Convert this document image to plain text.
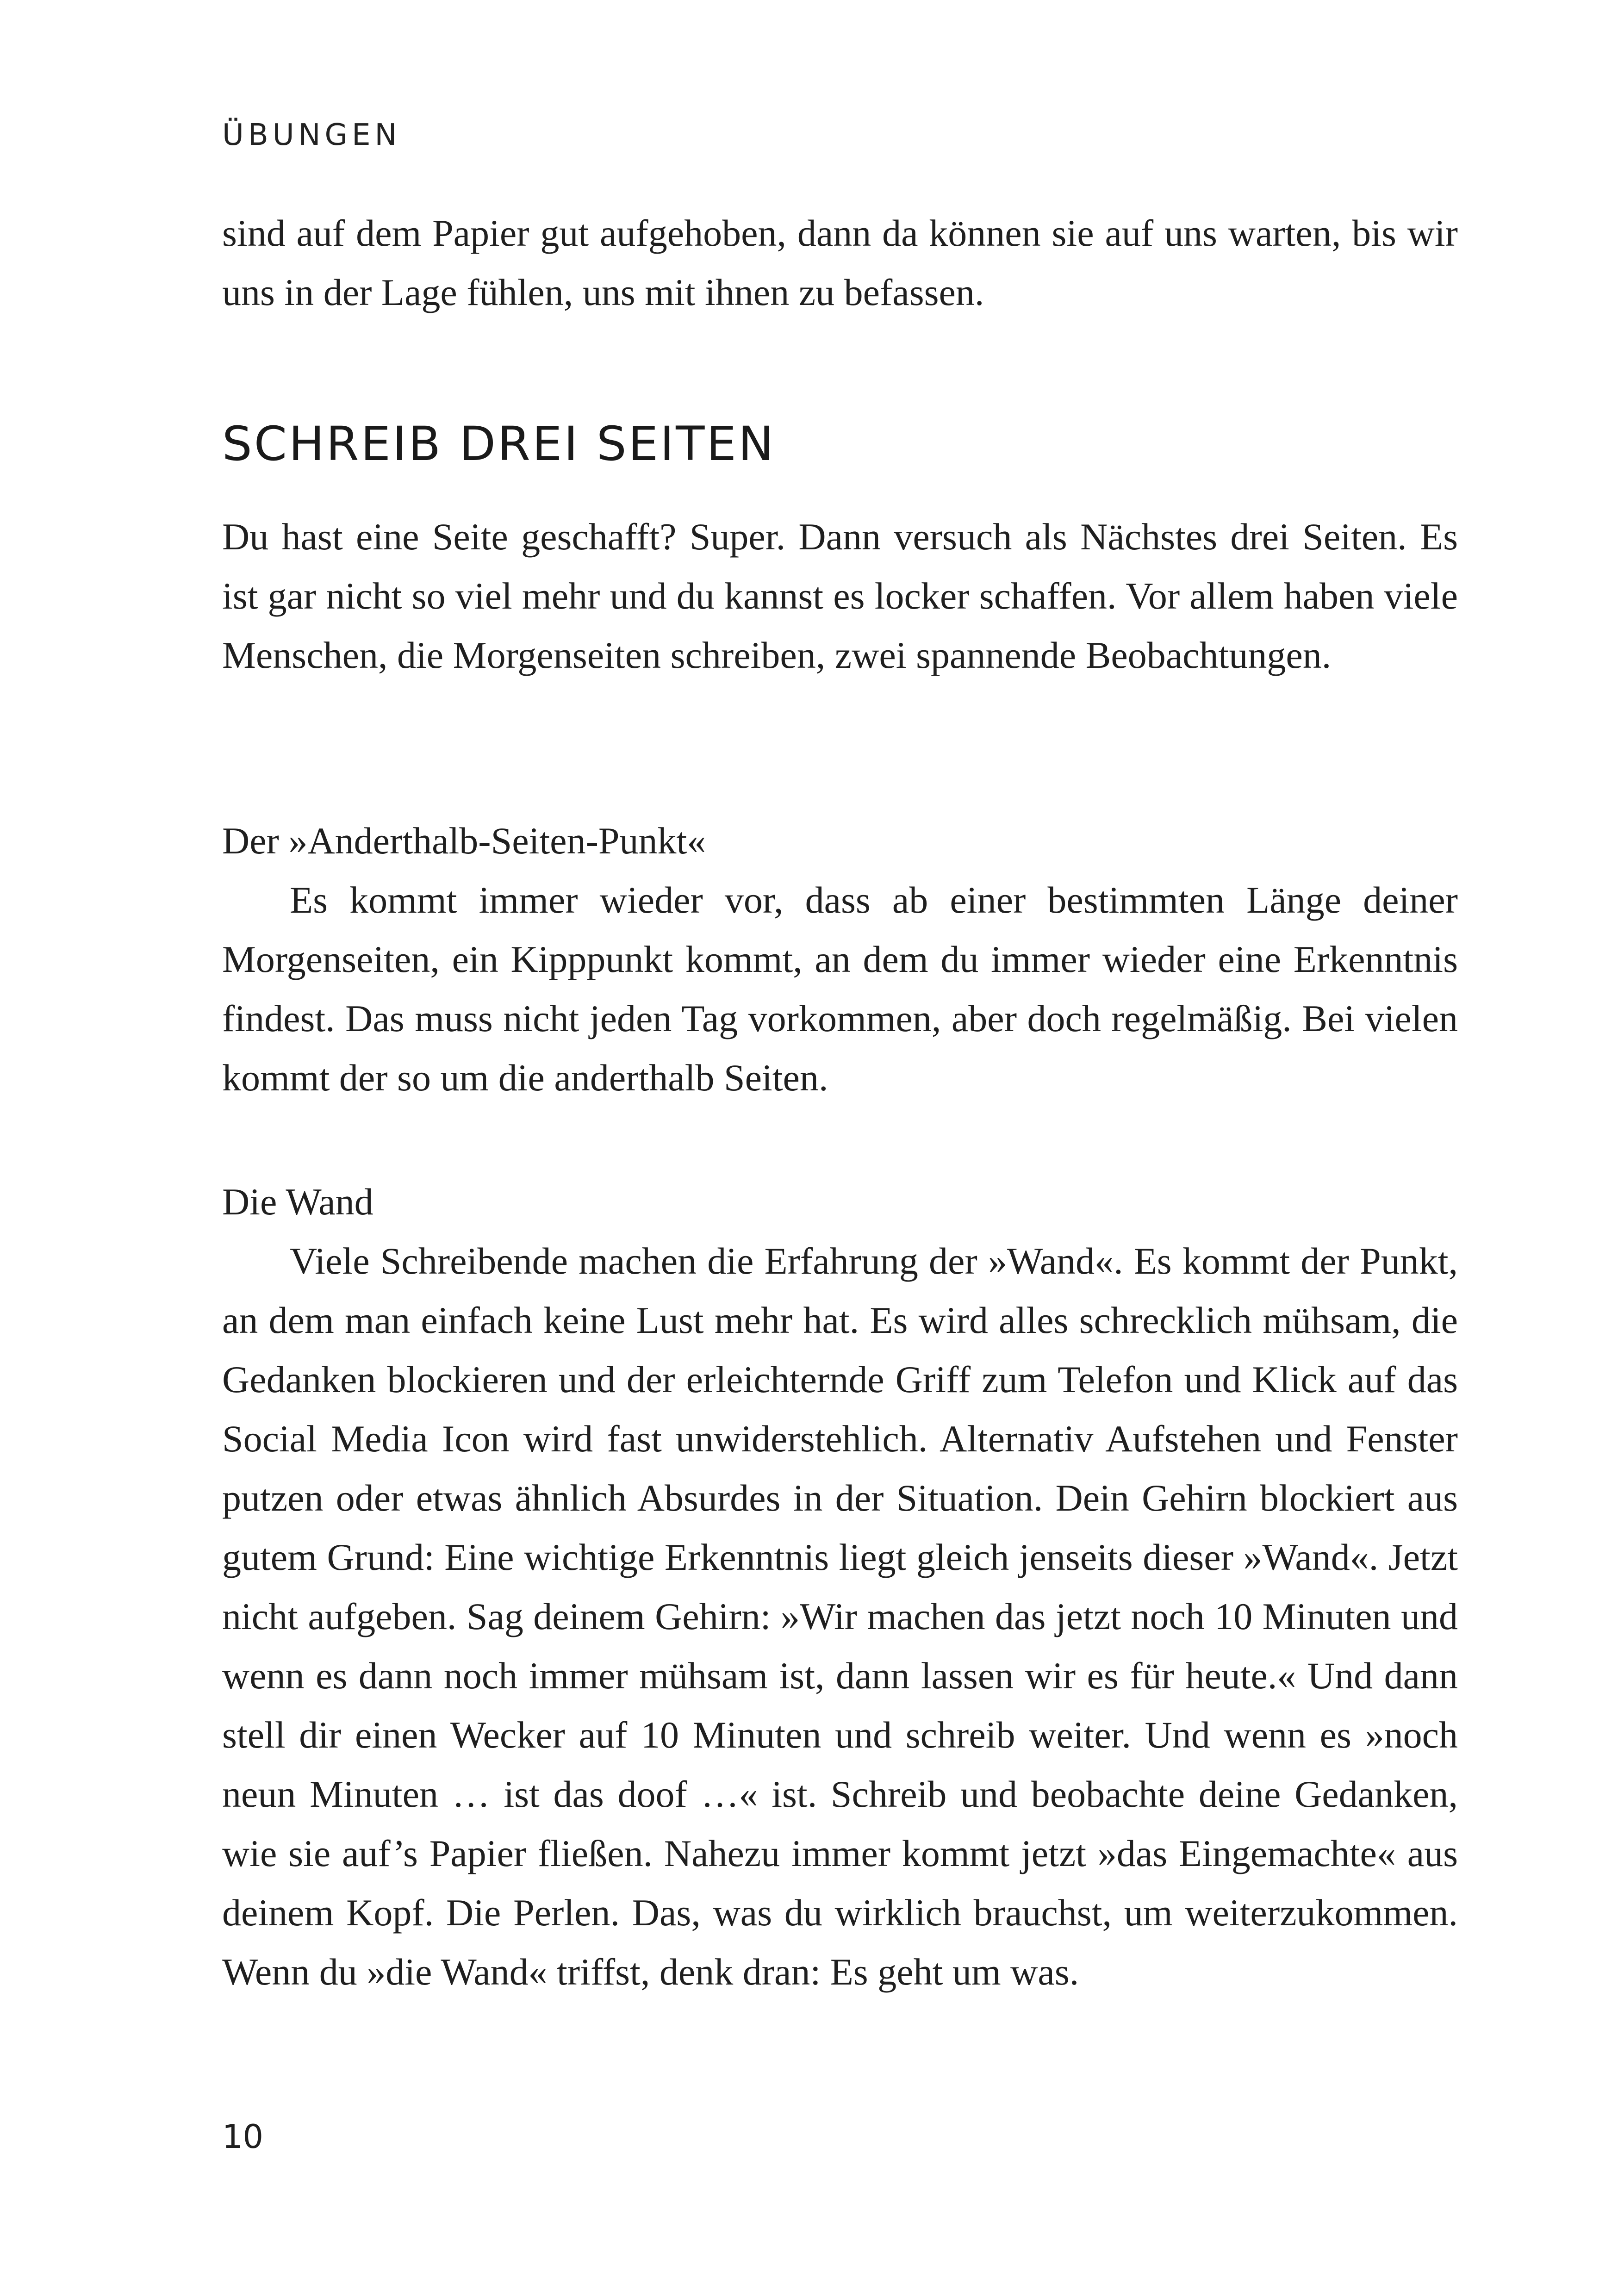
ÜBUNGEN

sind auf dem Papier gut aufgehoben, dann da können sie auf uns warten, bis wir uns in der Lage fühlen, uns mit ihnen zu befassen.

SCHREIB DREI SEITEN

Du hast eine Seite geschafft? Super. Dann versuch als Nächstes drei Seiten. Es ist gar nicht so viel mehr und du kannst es locker schaffen. Vor allem haben viele Menschen, die Morgenseiten schreiben, zwei spannende Beobachtungen.

Der »Anderthalb-Seiten-Punkt«

Es kommt immer wieder vor, dass ab einer bestimmten Länge deiner Morgenseiten, ein Kipppunkt kommt, an dem du immer wieder eine Erkenntnis findest. Das muss nicht jeden Tag vorkommen, aber doch regelmäßig. Bei vielen kommt der so um die anderthalb Seiten.

Die Wand

Viele Schreibende machen die Erfahrung der »Wand«. Es kommt der Punkt, an dem man einfach keine Lust mehr hat. Es wird alles schrecklich mühsam, die Gedanken blockieren und der erleichternde Griff zum Telefon und Klick auf das Social Media Icon wird fast unwiderstehlich. Alternativ Aufstehen und Fenster putzen oder etwas ähnlich Absurdes in der Situation. Dein Gehirn blockiert aus gutem Grund: Eine wichtige Erkenntnis liegt gleich jenseits dieser »Wand«. Jetzt nicht aufgeben. Sag deinem Gehirn: »Wir machen das jetzt noch 10 Minuten und wenn es dann noch immer mühsam ist, dann lassen wir es für heute.« Und dann stell dir einen Wecker auf 10 Minuten und schreib weiter. Und wenn es »noch neun Minuten … ist das doof …« ist. Schreib und beobachte deine Gedanken, wie sie auf’s Papier fließen. Nahezu immer kommt jetzt »das Eingemachte« aus deinem Kopf. Die Perlen. Das, was du wirklich brauchst, um weiterzukommen. Wenn du »die Wand« triffst, denk dran: Es geht um was.

10
